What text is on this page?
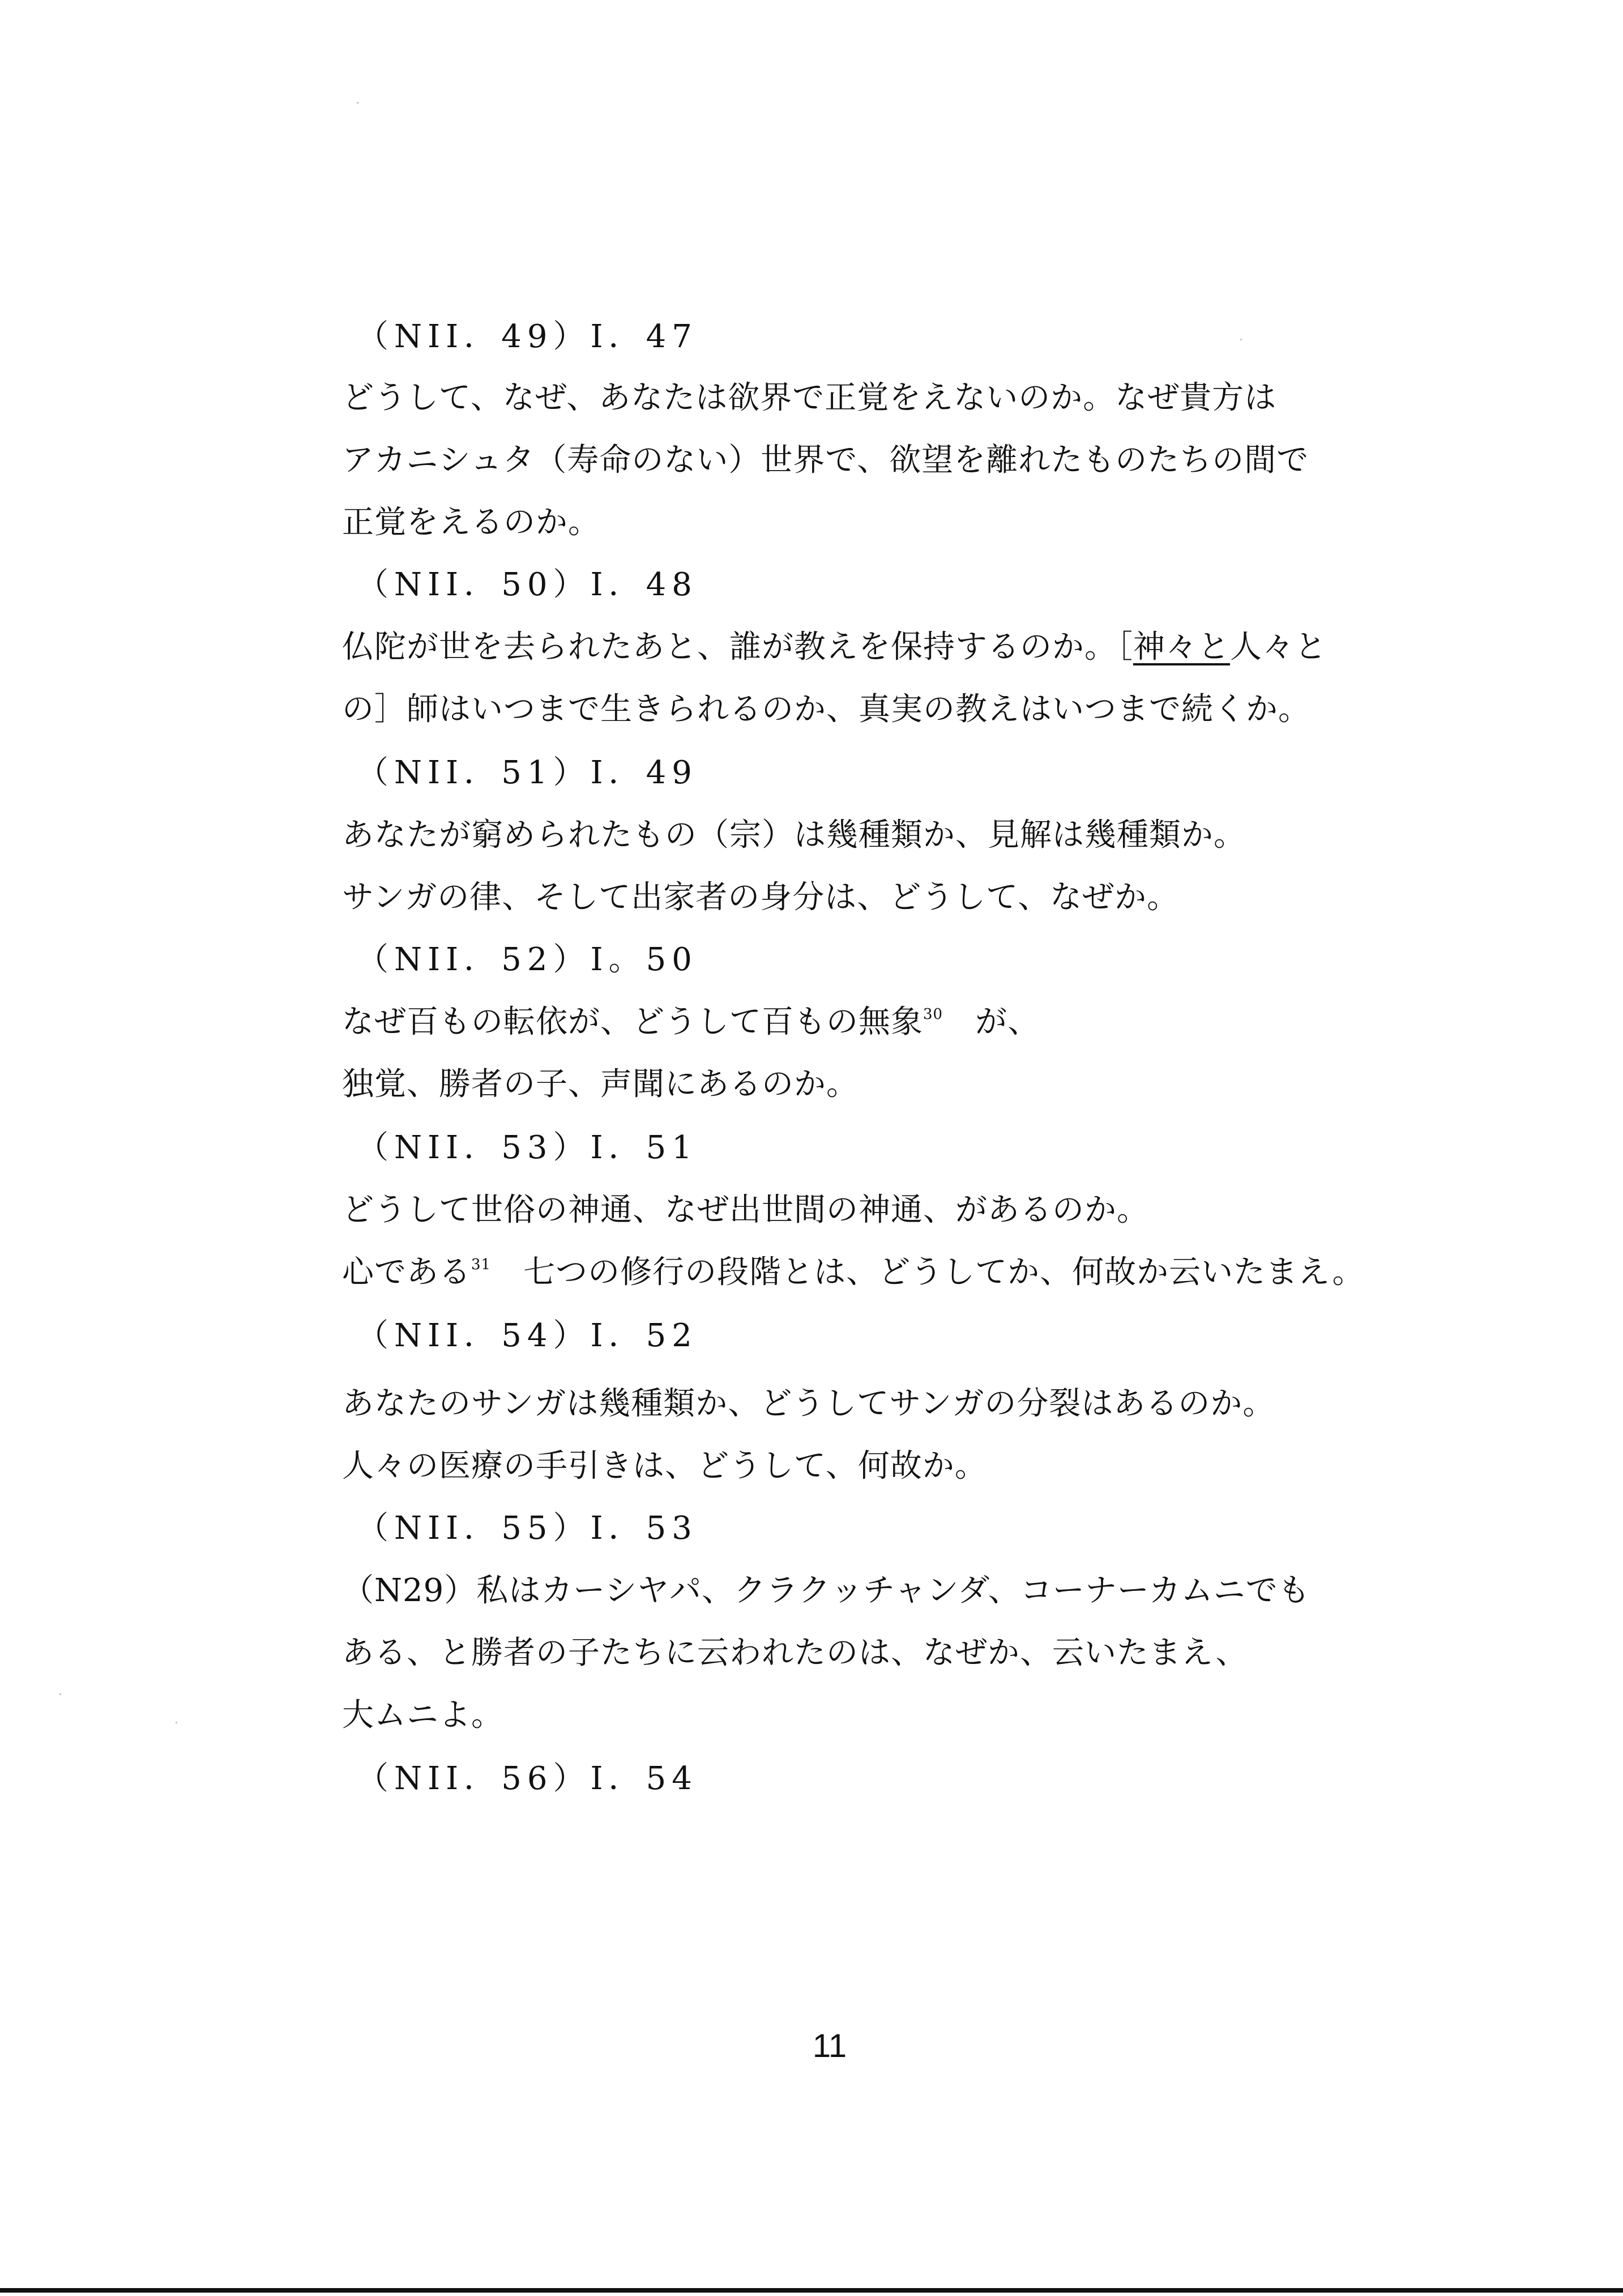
（NII．49）I．47
どうして、なぜ、あなたは欲界で正覚をえないのか。なぜ貴方は
アカニシュタ（寿命のない）世界で、欲望を離れたものたちの間で
正覚をえるのか。
（NII．50）I．48
仏陀が世を去られたあと、誰が教えを保持するのか。［神々と人々と
の］師はいつまで生きられるのか、真実の教えはいつまで続くか。
（NII．51）I．49
あなたが窮められたもの（宗）は幾種類か、見解は幾種類か。
サンガの律、そして出家者の身分は、どうして、なぜか。
（NII．52）I。50
なぜ百もの転依が、どうして百もの無象$^{30}$　が、
独覚、勝者の子、声聞にあるのか。
（NII．53）I．51
どうして世俗の神通、なぜ出世間の神通、があるのか。
心である$^{31}$　七つの修行の段階とは、どうしてか、何故か云いたまえ。
（NII．54）I．52
あなたのサンガは幾種類か、どうしてサンガの分裂はあるのか。
人々の医療の手引きは、どうして、何故か。
（NII．55）I．53
（N29）私はカーシヤパ、クラクッチャンダ、コーナーカムニでも
ある、と勝者の子たちに云われたのは、なぜか、云いたまえ、
大ムニよ。
（NII．56）I．54
11
